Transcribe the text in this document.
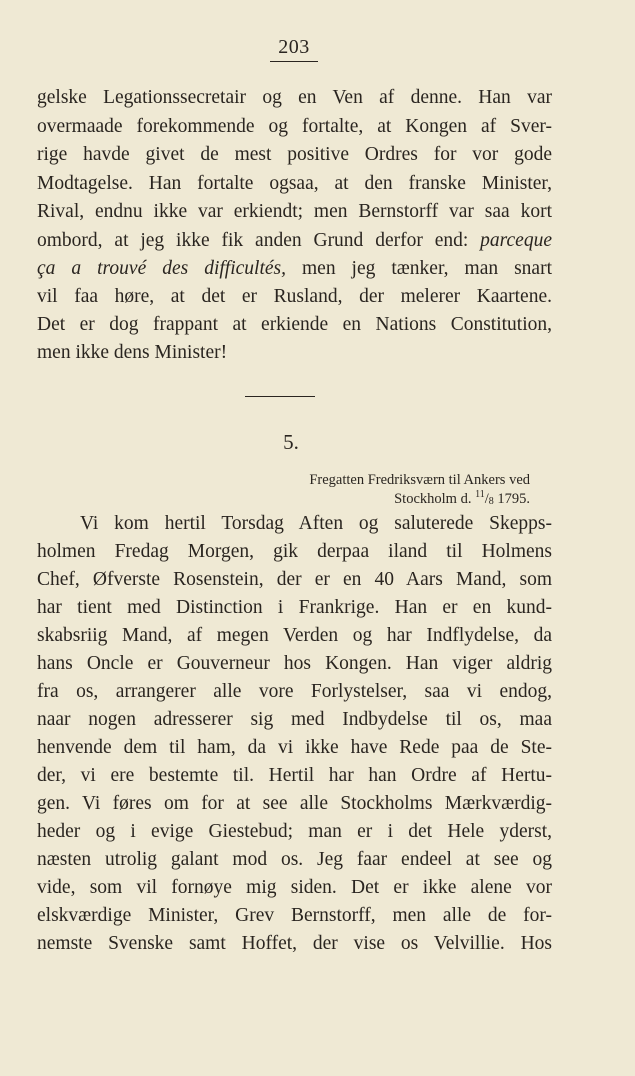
203
gelske Legationssecretair og en Ven af denne. Han var
overmaade forekommende og fortalte, at Kongen af Sver-
rige havde givet de mest positive Ordres for vor gode
Modtagelse. Han fortalte ogsaa, at den franske Minister,
Rival, endnu ikke var erkiendt; men Bernstorff var saa kort
ombord, at jeg ikke fik anden Grund derfor end: parceque
ça a trouvé des difficultés, men jeg tænker, man snart
vil faa høre, at det er Rusland, der melerer Kaartene.
Det er dog frappant at erkiende en Nations Constitution,
men ikke dens Minister!
5.
Fregatten Fredriksværn til Ankers ved
Stockholm d. $^{11}/_8$ 1795.
Vi kom hertil Torsdag Aften og saluterede Skepps-
holmen Fredag Morgen, gik derpaa iland til Holmens
Chef, Øfverste Rosenstein, der er en 40 Aars Mand, som
har tient med Distinction i Frankrige. Han er en kund-
skabsriig Mand, af megen Verden og har Indflydelse, da
hans Oncle er Gouverneur hos Kongen. Han viger aldrig
fra os, arrangerer alle vore Forlystelser, saa vi endog,
naar nogen adresserer sig med Indbydelse til os, maa
henvende dem til ham, da vi ikke have Rede paa de Ste-
der, vi ere bestemte til. Hertil har han Ordre af Hertu-
gen. Vi føres om for at see alle Stockholms Mærkværdig-
heder og i evige Giestebud; man er i det Hele yderst,
næsten utrolig galant mod os. Jeg faar endeel at see og
vide, som vil fornøye mig siden. Det er ikke alene vor
elskværdige Minister, Grev Bernstorff, men alle de for-
nemste Svenske samt Hoffet, der vise os Velvillie. Hos
